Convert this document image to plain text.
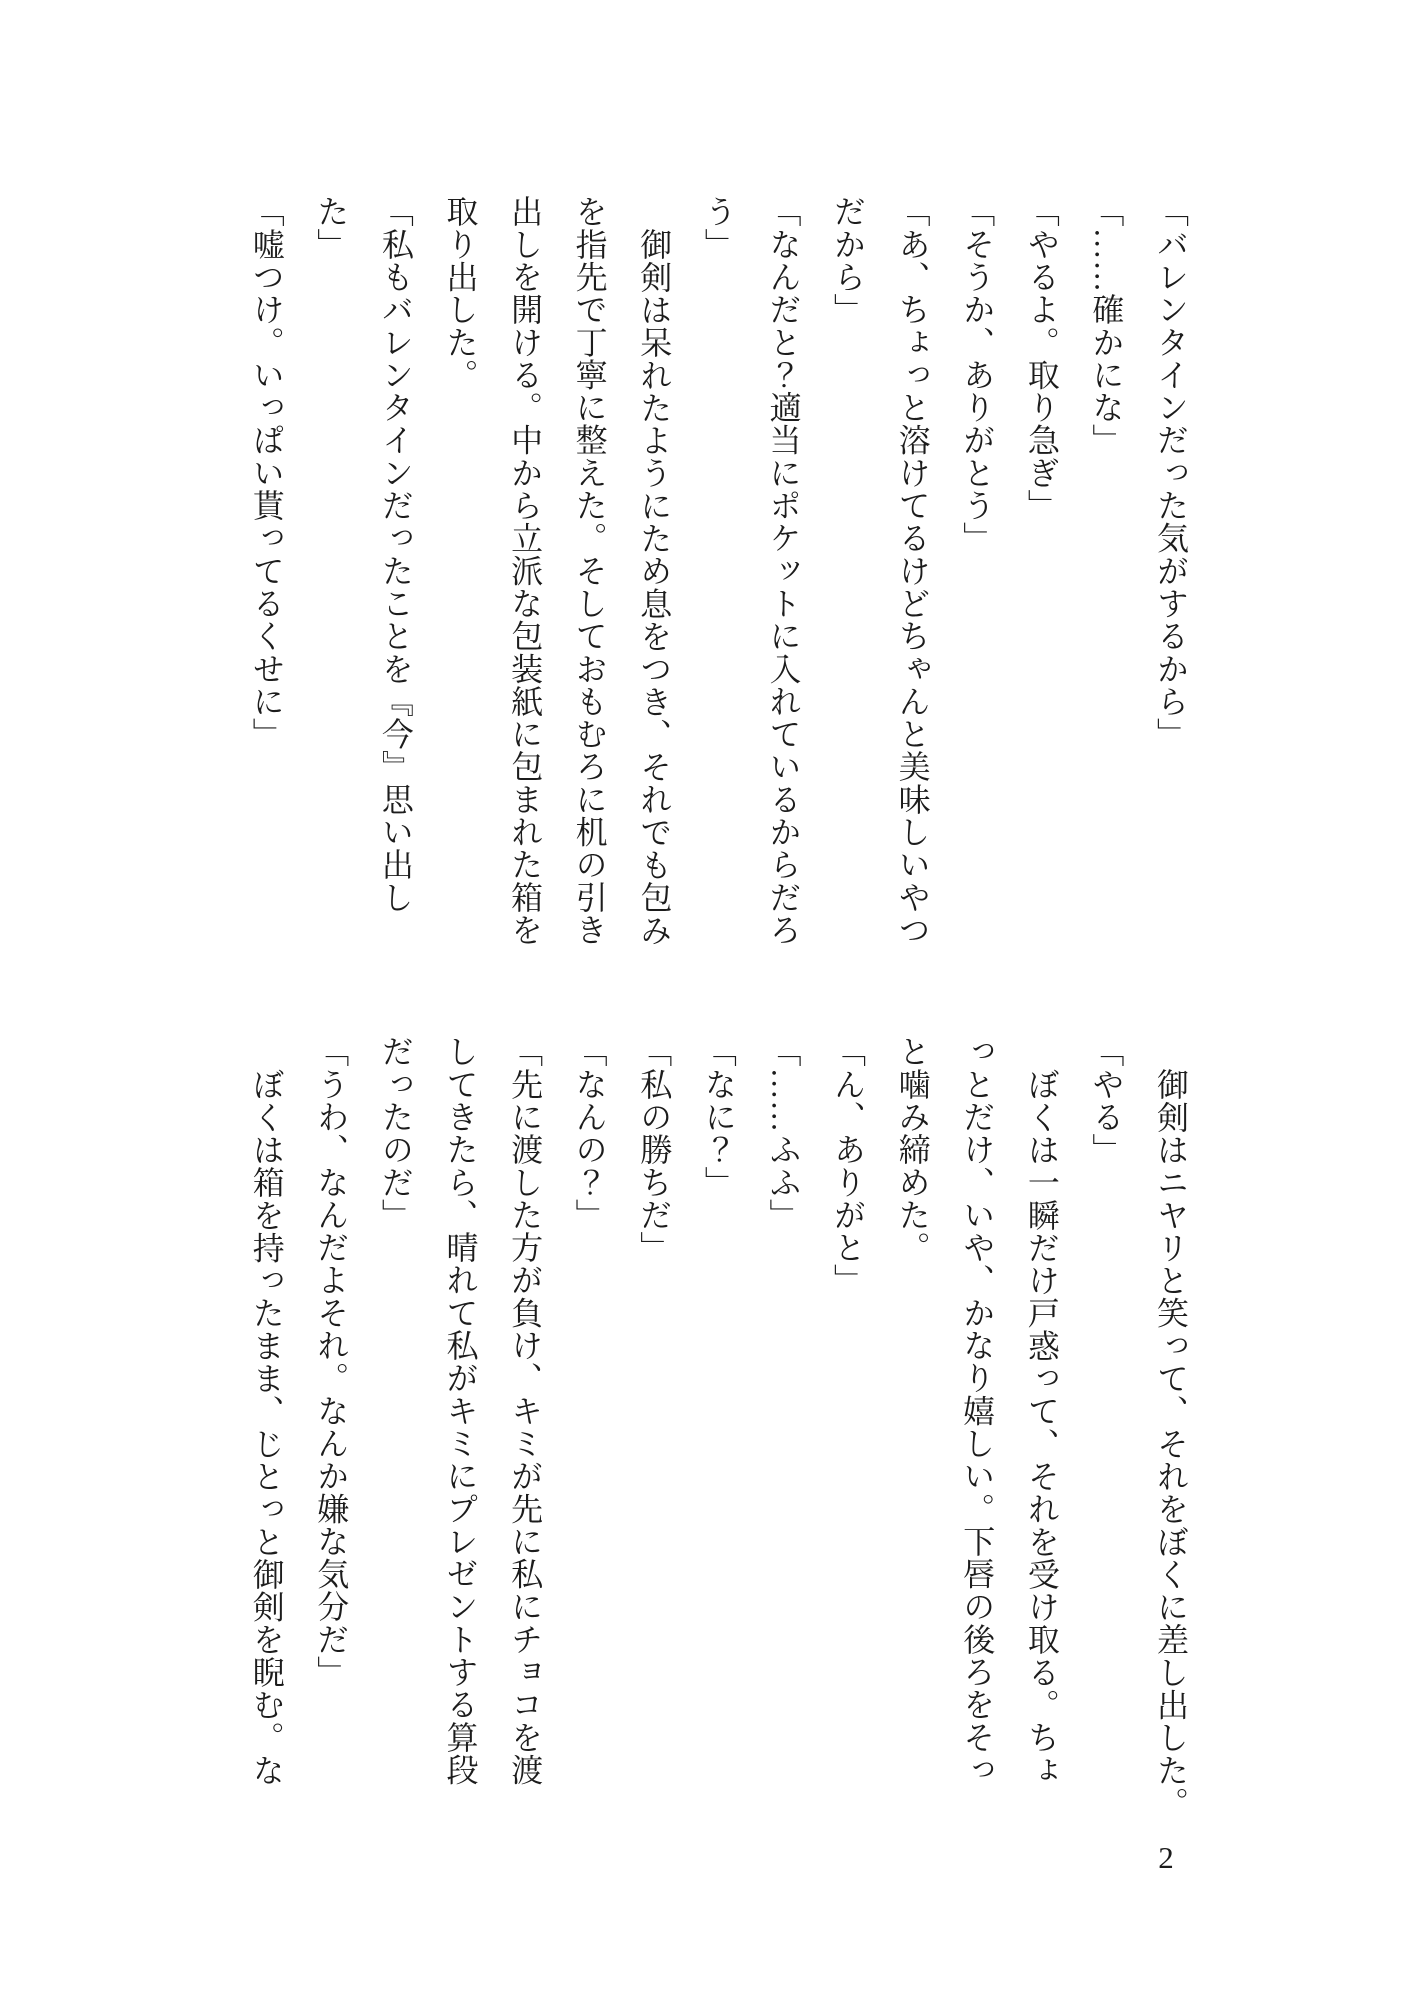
「バレンタインだった気がするから」
「……確かにな」
「やるよ。取り急ぎ」
「そうか、ありがとう」
「あ、ちょっと溶けてるけどちゃんと美味しいやつ
だから」
「なんだと？適当にポケットに入れているからだろ
う」
御剣は呆れたようにため息をつき、それでも包み
を指先で丁寧に整えた。そしておもむろに机の引き
出しを開ける。中から立派な包装紙に包まれた箱を
取り出した。
「私もバレンタインだったことを『今』思い出し
た」
「嘘つけ。いっぱい貰ってるくせに」
御剣はニヤリと笑って、それをぼくに差し出した。
「やる」
ぼくは一瞬だけ戸惑って、それを受け取る。ちょ
っとだけ、いや、かなり嬉しい。下唇の後ろをそっ
と噛み締めた。
「ん、ありがと」
「……ふふ」
「なに？」
「私の勝ちだ」
「なんの？」
「先に渡した方が負け、キミが先に私にチョコを渡
してきたら、晴れて私がキミにプレゼントする算段
だったのだ」
「うわ、なんだよそれ。なんか嫌な気分だ」
ぼくは箱を持ったまま、じとっと御剣を睨む。な
2
